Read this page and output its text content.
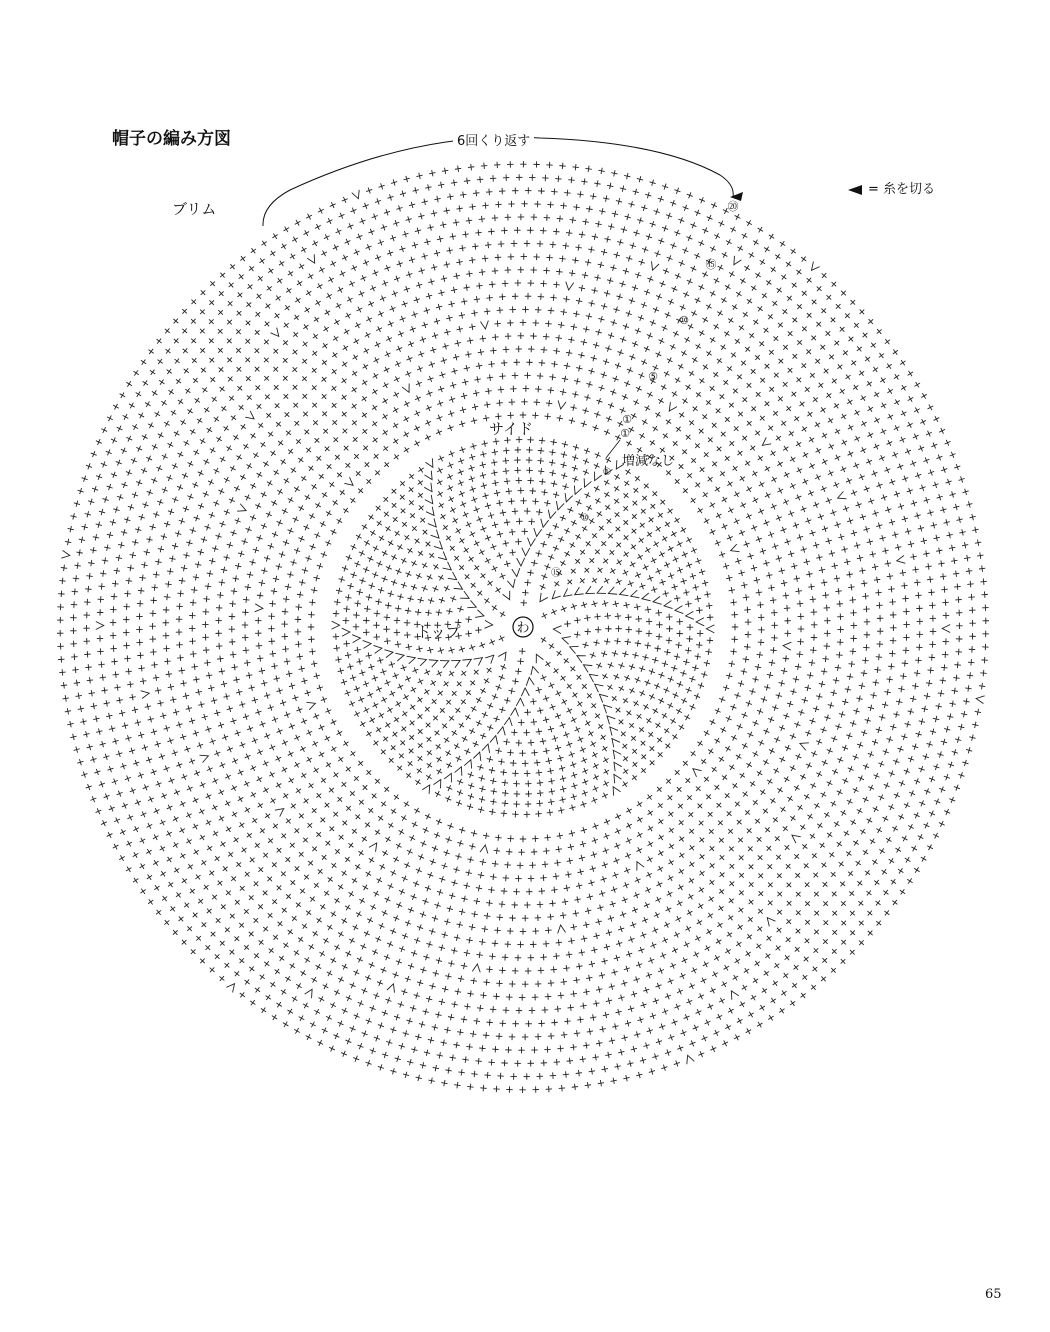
わ
⑳
⑮
⑩
⑤
①
①
①
⑩
⑮
帽子の編み方図	6回くり返す
ブリム
サイド
トップ
増減なし
= 糸を切る
65
